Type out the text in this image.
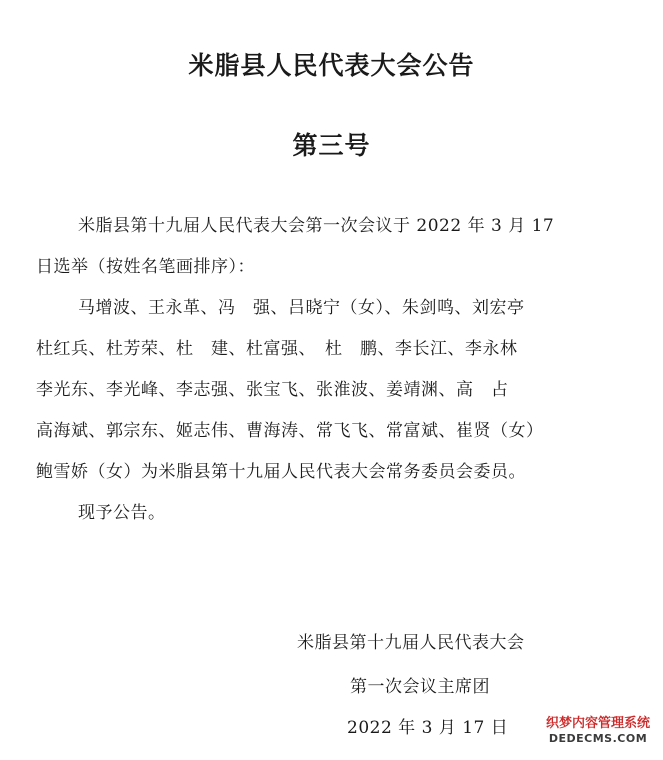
米脂县人民代表大会公告
第三号
米脂县第十九届人民代表大会第一次会议于 2022 年 3 月 17
日选举（按姓名笔画排序）：
马增波、王永革、冯　强、吕晓宁（女）、朱剑鸣、刘宏亭
杜红兵、杜芳荣、杜　建、杜富强、　杜　鹏、李长江、李永林
李光东、李光峰、李志强、张宝飞、张淮波、姜靖渊、高　占
高海斌、郭宗东、姬志伟、曹海涛、常飞飞、常富斌、崔贤（女）
鲍雪娇（女）为米脂县第十九届人民代表大会常务委员会委员。
现予公告。
米脂县第十九届人民代表大会
第一次会议主席团
2022 年 3 月 17 日	织梦内容管理系统
DEDECMS.COM
